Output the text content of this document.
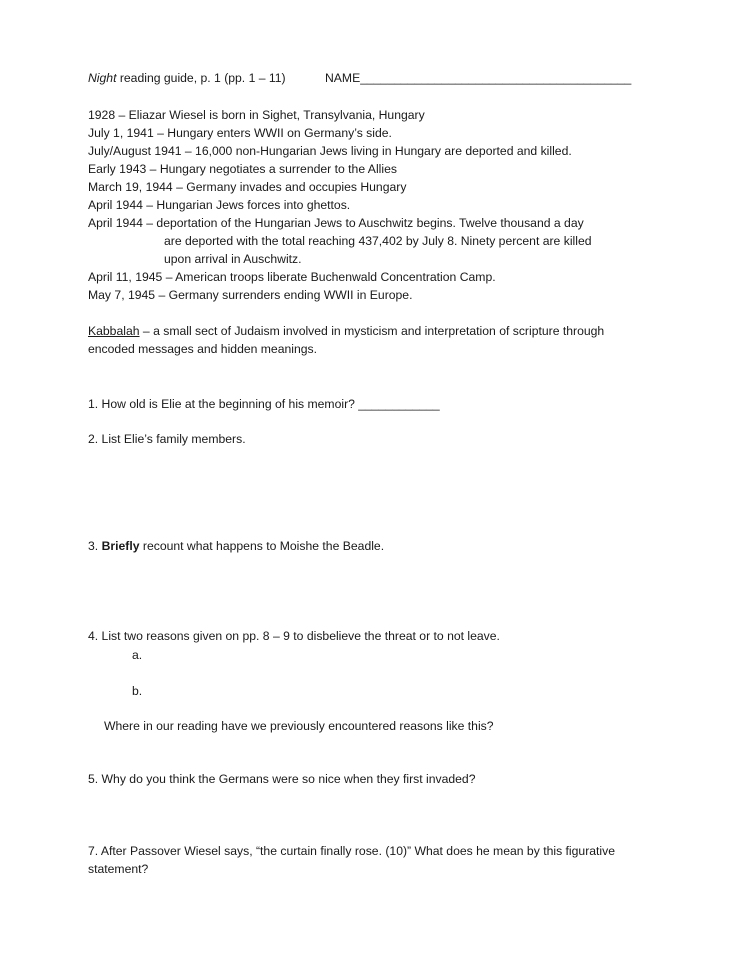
Night reading guide, p. 1 (pp. 1 – 11)	NAME________________________________________
1928 – Eliazar Wiesel is born in Sighet, Transylvania, Hungary
July 1, 1941 – Hungary enters WWII on Germany’s side.
July/August 1941 – 16,000 non-Hungarian Jews living in Hungary are deported and killed.
Early 1943 – Hungary negotiates a surrender to the Allies
March 19, 1944 – Germany invades and occupies Hungary
April 1944 – Hungarian Jews forces into ghettos.
April 1944 – deportation of the Hungarian Jews to Auschwitz begins. Twelve thousand a day
are deported with the total reaching 437,402 by July 8. Ninety percent are killed
upon arrival in Auschwitz.
April 11, 1945 – American troops liberate Buchenwald Concentration Camp.
May 7, 1945 – Germany surrenders ending WWII in Europe.
Kabbalah – a small sect of Judaism involved in mysticism and interpretation of scripture through
encoded messages and hidden meanings.
1. How old is Elie at the beginning of his memoir? ____________
2. List Elie’s family members.
3. Briefly recount what happens to Moishe the Beadle.
4. List two reasons given on pp. 8 – 9 to disbelieve the threat or to not leave.
a.
b.
Where in our reading have we previously encountered reasons like this?
5. Why do you think the Germans were so nice when they first invaded?
7. After Passover Wiesel says, “the curtain finally rose. (10)” What does he mean by this figurative
statement?
